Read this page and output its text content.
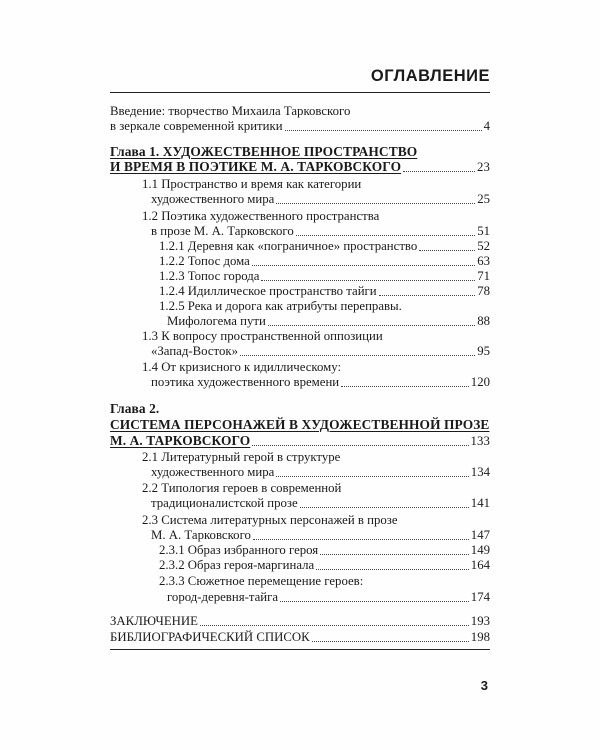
ОГЛАВЛЕНИЕ
Введение: творчество Михаила Тарковского
в зеркале современной критики	4
Глава 1. ХУДОЖЕСТВЕННОЕ ПРОСТРАНСТВО
И ВРЕМЯ В ПОЭТИКЕ М. А. ТАРКОВСКОГО	23
1.1 Пространство и время как категории
художественного мира	25
1.2 Поэтика художественного пространства
в прозе М. А. Тарковского	51
1.2.1 Деревня как «пограничное» пространство	52
1.2.2 Топос дома	63
1.2.3 Топос города	71
1.2.4 Идиллическое пространство тайги	78
1.2.5 Река и дорога как атрибуты переправы.
Мифологема пути	88
1.3 К вопросу пространственной оппозиции
«Запад-Восток»	95
1.4 От кризисного к идиллическому:
поэтика художественного времени	120
Глава 2.
СИСТЕМА ПЕРСОНАЖЕЙ В ХУДОЖЕСТВЕННОЙ ПРОЗЕ
М. А. ТАРКОВСКОГО	133
2.1 Литературный герой в структуре
художественного мира	134
2.2 Типология героев в современной
традиционалистской прозе	141
2.3 Система литературных персонажей в прозе
М. А. Тарковского	147
2.3.1 Образ избранного героя	149
2.3.2 Образ героя-маргинала	164
2.3.3 Сюжетное перемещение героев:
город-деревня-тайга	174
ЗАКЛЮЧЕНИЕ	193
БИБЛИОГРАФИЧЕСКИЙ СПИСОК	198
3
